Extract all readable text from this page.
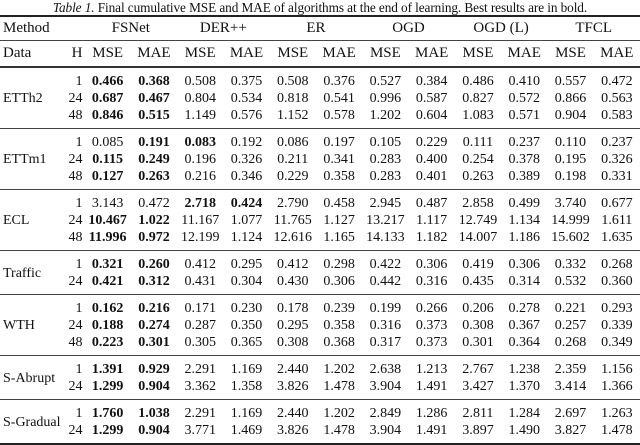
Table 1. Final cumulative MSE and MAE of algorithms at the end of learning. Best results are in bold.
Method		FSNet		DER++		ER		OGD		OGD (L)		TFCL	
Data	H	MSE	MAE	MSE	MAE	MSE	MAE	MSE	MAE	MSE	MAE	MSE	MAE
ETTh2	1	0.466	0.368	0.508	0.375	0.508	0.376	0.527	0.384	0.486	0.410	0.557	0.472
	24	0.687	0.467	0.804	0.534	0.818	0.541	0.996	0.587	0.827	0.572	0.866	0.563
	48	0.846	0.515	1.149	0.576	1.152	0.578	1.202	0.604	1.083	0.571	0.904	0.583
ETTm1	1	0.085	0.191	0.083	0.192	0.086	0.197	0.105	0.229	0.111	0.237	0.110	0.237
	24	0.115	0.249	0.196	0.326	0.211	0.341	0.283	0.400	0.254	0.378	0.195	0.326
	48	0.127	0.263	0.216	0.346	0.229	0.358	0.283	0.401	0.263	0.389	0.198	0.331
ECL	1	3.143	0.472	2.718	0.424	2.790	0.458	2.945	0.487	2.858	0.499	3.740	0.677
	24	10.467	1.022	11.167	1.077	11.765	1.127	13.217	1.117	12.749	1.134	14.999	1.611
	48	11.996	0.972	12.199	1.124	12.616	1.165	14.133	1.182	14.007	1.186	15.602	1.635
Traffic	1	0.321	0.260	0.412	0.295	0.412	0.298	0.422	0.306	0.419	0.306	0.332	0.268
	24	0.421	0.312	0.431	0.304	0.430	0.306	0.442	0.316	0.435	0.314	0.532	0.360
WTH	1	0.162	0.216	0.171	0.230	0.178	0.239	0.199	0.266	0.206	0.278	0.221	0.293
	24	0.188	0.274	0.287	0.350	0.295	0.358	0.316	0.373	0.308	0.367	0.257	0.339
	48	0.223	0.301	0.305	0.365	0.308	0.368	0.317	0.373	0.301	0.364	0.268	0.349
S-Abrupt	1	1.391	0.929	2.291	1.169	2.440	1.202	2.638	1.213	2.767	1.238	2.359	1.156
	24	1.299	0.904	3.362	1.358	3.826	1.478	3.904	1.491	3.427	1.370	3.414	1.366
S-Gradual	1	1.760	1.038	2.291	1.169	2.440	1.202	2.849	1.286	2.811	1.284	2.697	1.263
	24	1.299	0.904	3.771	1.469	3.826	1.478	3.904	1.491	3.897	1.490	3.827	1.478
